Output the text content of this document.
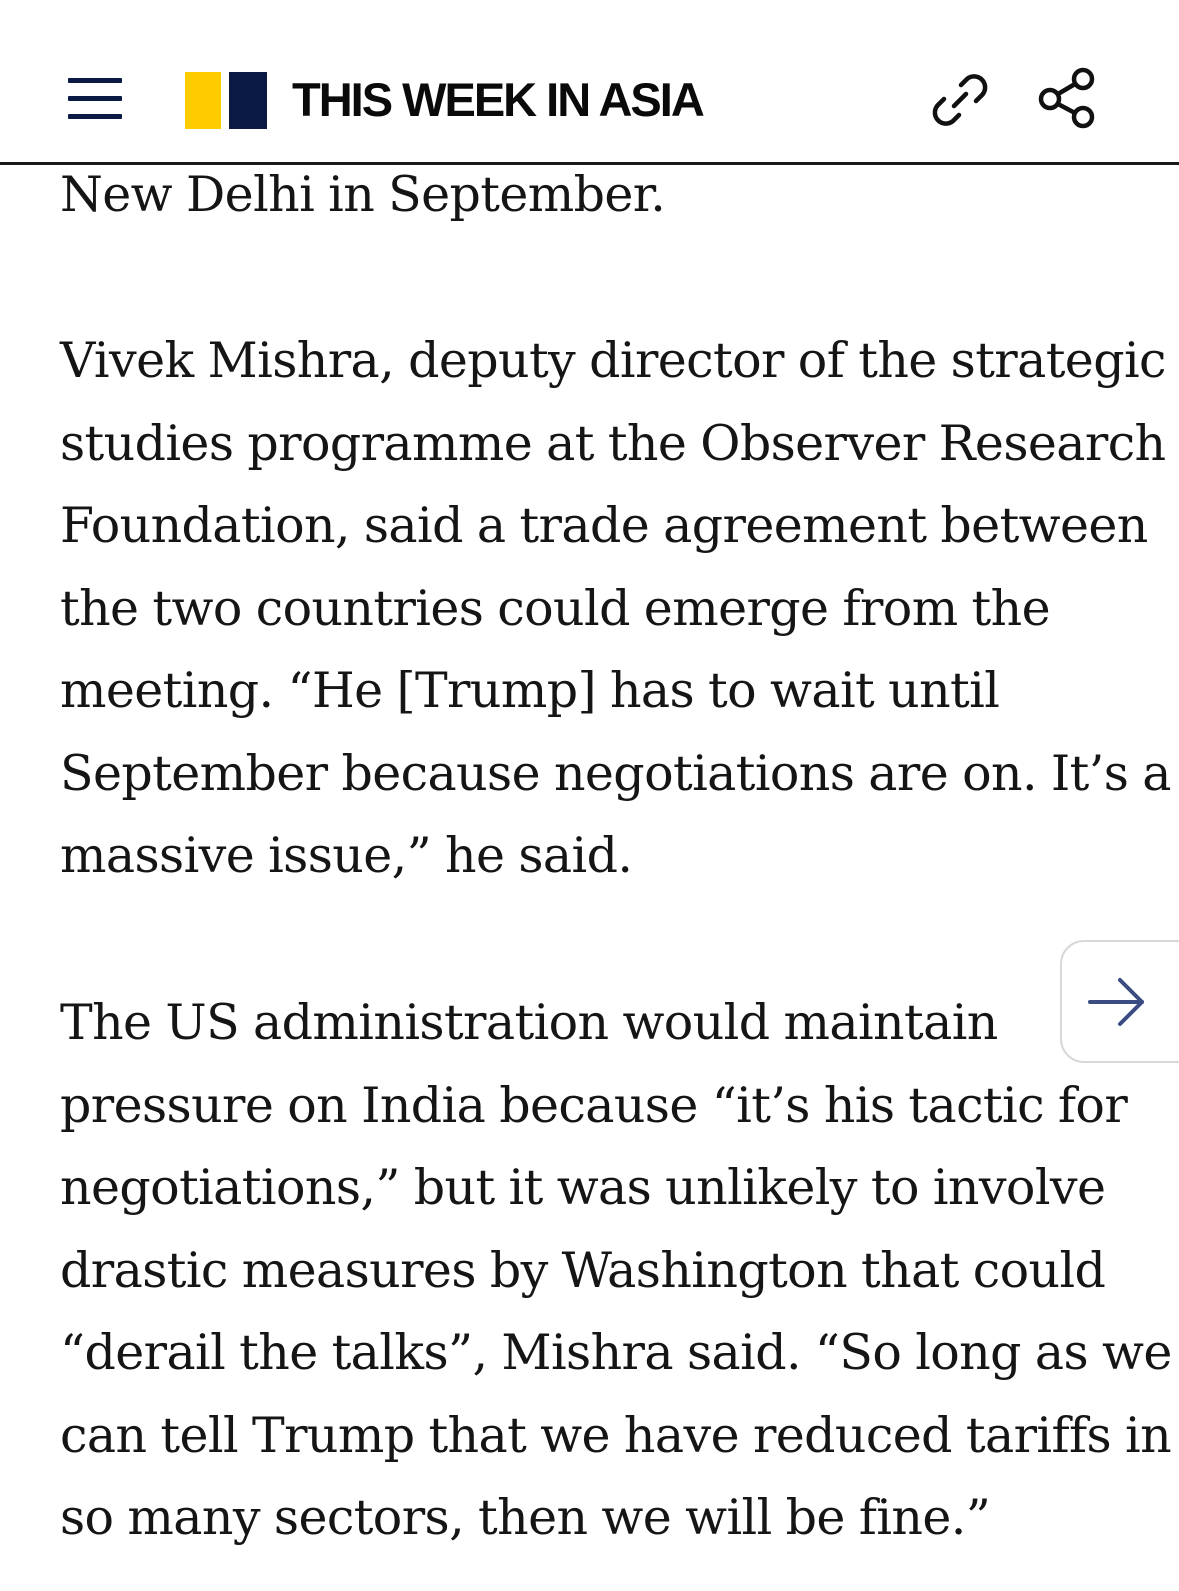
THIS WEEK IN ASIA

New Delhi in September.

Vivek Mishra, deputy director of the strategic
studies programme at the Observer Research
Foundation, said a trade agreement between
the two countries could emerge from the
meeting. “He [Trump] has to wait until
September because negotiations are on. It’s a
massive issue,” he said.

The US administration would maintain
pressure on India because “it’s his tactic for
negotiations,” but it was unlikely to involve
drastic measures by Washington that could
“derail the talks”, Mishra said. “So long as we
can tell Trump that we have reduced tariffs in
so many sectors, then we will be fine.”
